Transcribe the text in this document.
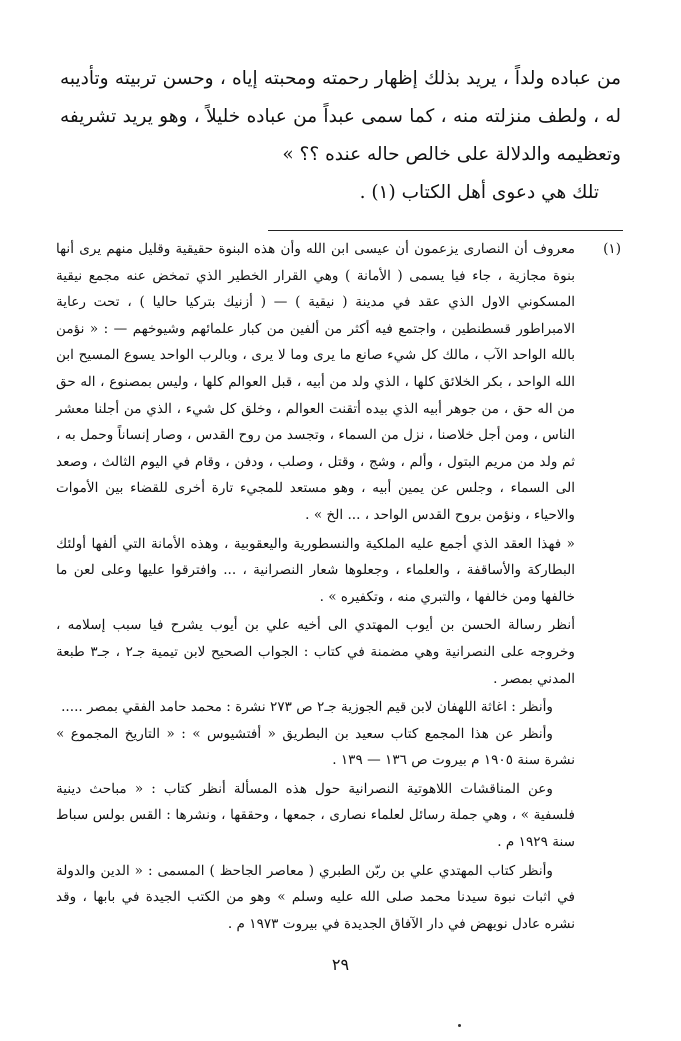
من عباده ولداً ، يريد بذلك إظهار رحمته ومحبته إياه ، وحسن تربيته وتأديبه له ، ولطف منزلته منه ، كما سمى عبداً من عباده خليلاً ، وهو يريد تشريفه وتعظيمه والدلالة على خالص حاله عنده ؟؟ »

تلك هي دعوى أهل الكتاب (١) .

(١)

معروف أن النصارى يزعمون أن عيسى ابن الله وأن هذه البنوة حقيقية وقليل منهم يرى أنها بنوة مجازية ، جاء فيا يسمى ( الأمانة ) وهي القرار الخطير الذي تمخض عنه مجمع نيقية المسكوني الاول الذي عقد في مدينة ( نيقية ) — ( أزنيك بتركيا حاليا ) ، تحت رعاية الامبراطور قسطنطين ، واجتمع فيه أكثر من ألفين من كبار علمائهم وشيوخهم — : « نؤمن بالله الواحد الآب ، مالك كل شيء صانع ما يرى وما لا يرى ، وبالرب الواحد يسوع المسيح ابن الله الواحد ، بكر الخلائق كلها ، الذي ولد من أبيه ، قبل العوالم كلها ، وليس بمصنوع ، اله حق من اله حق ، من جوهر أبيه الذي بيده أتقنت العوالم ، وخلق كل شيء ، الذي من أجلنا معشر الناس ، ومن أجل خلاصنا ، نزل من السماء ، وتجسد من روح القدس ، وصار إنساناً وحمل به ، ثم ولد من مريم البتول ، وألم ، وشج ، وقتل ، وصلب ، ودفن ، وقام في اليوم الثالث ، وصعد الى السماء ، وجلس عن يمين أبيه ، وهو مستعد للمجيء تارة أخرى للقضاء بين الأموات والاحياء ، ونؤمن بروح القدس الواحد ، ... الخ » .

« فهذا العقد الذي أجمع عليه الملكية والنسطورية واليعقوبية ، وهذه الأمانة التي ألفها أولئك البطاركة والأساقفة ، والعلماء ، وجعلوها شعار النصرانية ، ... وافترقوا عليها وعلى لعن ما خالفها ومن خالفها ، والتبري منه ، وتكفيره » .

أنظر رسالة الحسن بن أيوب المهتدي الى أخيه علي بن أيوب يشرح فيا سبب إسلامه ، وخروجه على النصرانية وهي مضمنة في كتاب : الجواب الصحيح لابن تيمية جـ٢ ، جـ٣ طبعة المدني بمصر .

وأنظر : اغاثة اللهفان لابن قيم الجوزية جـ٢ ص ٢٧٣ نشرة : محمد حامد الفقي بمصر .....

وأنظر عن هذا المجمع كتاب سعيد بن البطريق « أفتشيوس » : « التاريخ المجموع » نشرة سنة ١٩٠٥ م بيروت ص ١٣٦ — ١٣٩ .

وعن المناقشات اللاهوتية النصرانية حول هذه المسألة أنظر كتاب : « مباحث دينية فلسفية » ، وهي جملة رسائل لعلماء نصارى ، جمعها ، وحققها ، ونشرها : القس بولس سباط سنة ١٩٢٩ م .

وأنظر كتاب المهتدي علي بن ربّن الطبري ( معاصر الجاحظ ) المسمى : « الدين والدولة في اثبات نبوة سيدنا محمد صلى الله عليه وسلم » وهو من الكتب الجيدة في بابها ، وقد نشره عادل نويهض في دار الآفاق الجديدة في بيروت ١٩٧٣ م .

٢٩
